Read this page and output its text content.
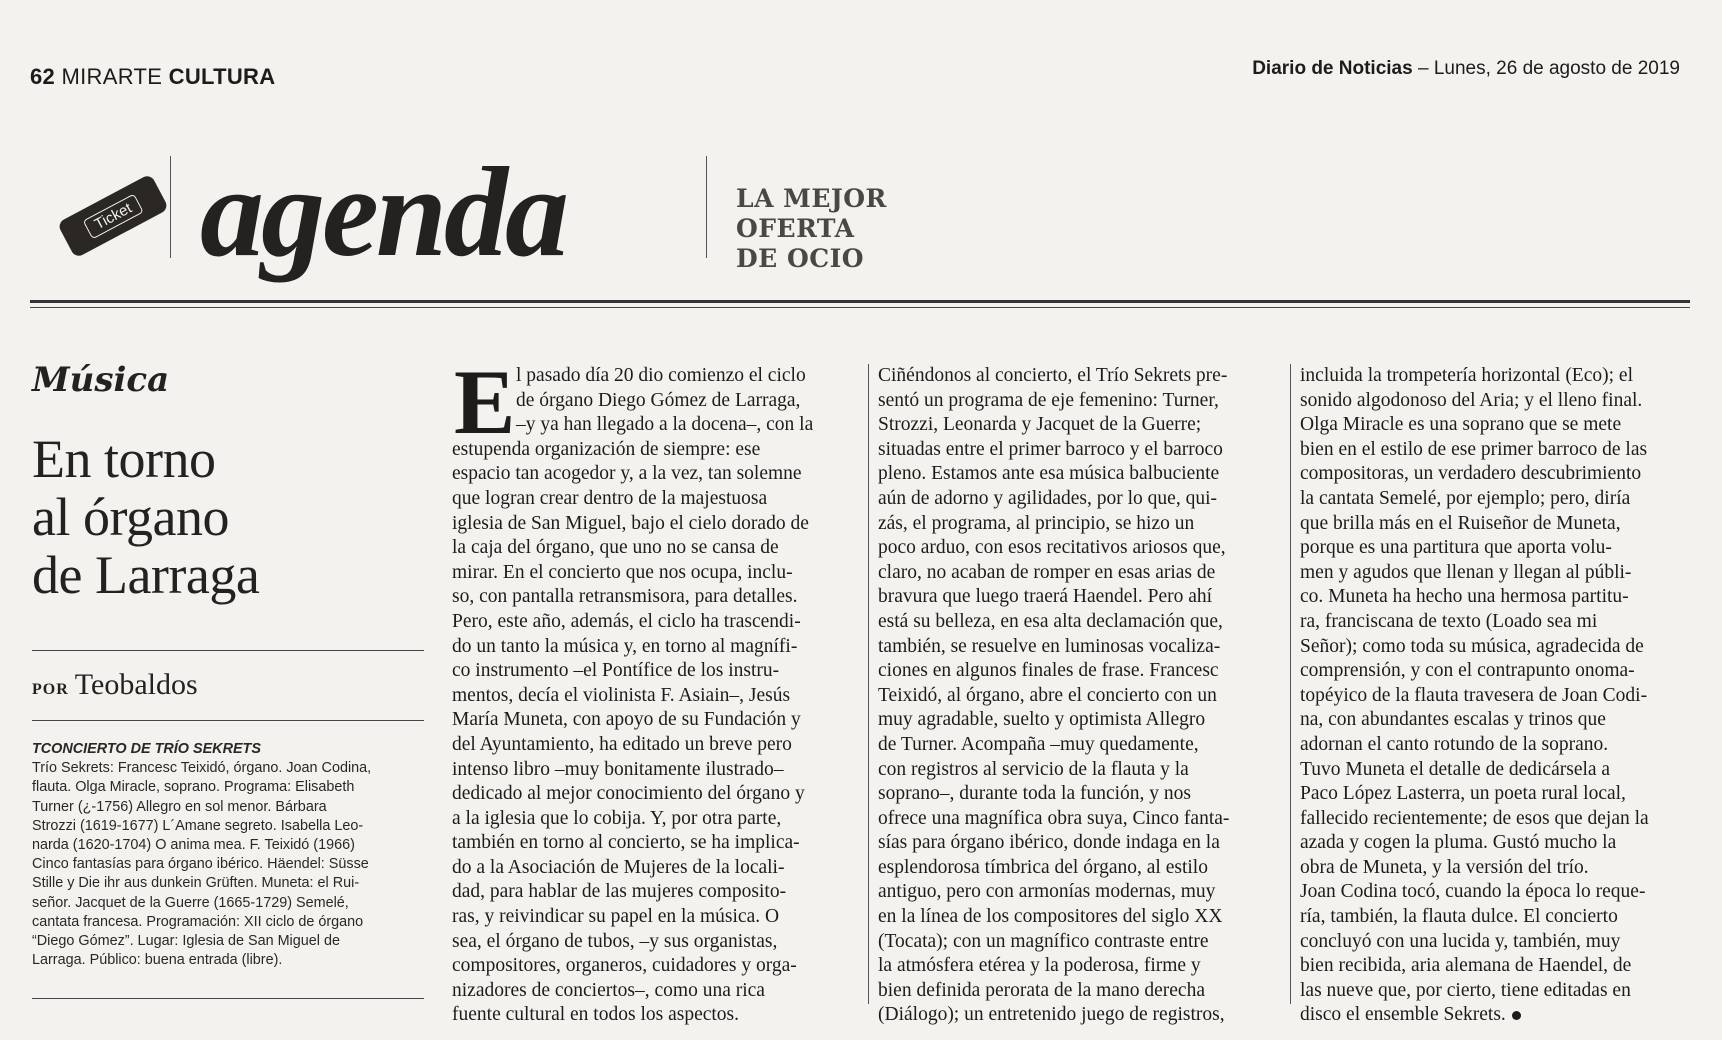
62 MIRARTE CULTURA	Diario de Noticias – Lunes, 26 de agosto de 2019
Ticket agenda	LA MEJOR
OFERTA
DE OCIO
Música
En torno
al órgano
de Larraga
POR Teobaldos
TCONCIERTO DE TRÍO SEKRETS
Trío Sekrets: Francesc Teixidó, órgano. Joan Codina,
flauta. Olga Miracle, soprano. Programa: Elisabeth
Turner (¿-1756) Allegro en sol menor. Bárbara
Strozzi (1619-1677) L´Amane segreto. Isabella Leo-
narda (1620-1704) O anima mea. F. Teixidó (1966)
Cinco fantasías para órgano ibérico. Häendel: Süsse
Stille y Die ihr aus dunkein Grüften. Muneta: el Rui-
señor. Jacquet de la Guerre (1665-1729) Semelé,
cantata francesa. Programación: XII ciclo de órgano
“Diego Gómez”. Lugar: Iglesia de San Miguel de
Larraga. Público: buena entrada (libre).
E l pasado día 20 dio comienzo el ciclo
de órgano Diego Gómez de Larraga,
–y ya han llegado a la docena–, con la
estupenda organización de siempre: ese
espacio tan acogedor y, a la vez, tan solemne
que logran crear dentro de la majestuosa
iglesia de San Miguel, bajo el cielo dorado de
la caja del órgano, que uno no se cansa de
mirar. En el concierto que nos ocupa, inclu-
so, con pantalla retransmisora, para detalles.
Pero, este año, además, el ciclo ha trascendi-
do un tanto la música y, en torno al magnífi-
co instrumento –el Pontífice de los instru-
mentos, decía el violinista F. Asiain–, Jesús
María Muneta, con apoyo de su Fundación y
del Ayuntamiento, ha editado un breve pero
intenso libro –muy bonitamente ilustrado–
dedicado al mejor conocimiento del órgano y
a la iglesia que lo cobija. Y, por otra parte,
también en torno al concierto, se ha implica-
do a la Asociación de Mujeres de la locali-
dad, para hablar de las mujeres composito-
ras, y reivindicar su papel en la música. O
sea, el órgano de tubos, –y sus organistas,
compositores, organeros, cuidadores y orga-
nizadores de conciertos–, como una rica
fuente cultural en todos los aspectos.
Ciñéndonos al concierto, el Trío Sekrets pre-
sentó un programa de eje femenino: Turner,
Strozzi, Leonarda y Jacquet de la Guerre;
situadas entre el primer barroco y el barroco
pleno. Estamos ante esa música balbuciente
aún de adorno y agilidades, por lo que, qui-
zás, el programa, al principio, se hizo un
poco arduo, con esos recitativos ariosos que,
claro, no acaban de romper en esas arias de
bravura que luego traerá Haendel. Pero ahí
está su belleza, en esa alta declamación que,
también, se resuelve en luminosas vocaliza-
ciones en algunos finales de frase. Francesc
Teixidó, al órgano, abre el concierto con un
muy agradable, suelto y optimista Allegro
de Turner. Acompaña –muy quedamente,
con registros al servicio de la flauta y la
soprano–, durante toda la función, y nos
ofrece una magnífica obra suya, Cinco fanta-
sías para órgano ibérico, donde indaga en la
esplendorosa tímbrica del órgano, al estilo
antiguo, pero con armonías modernas, muy
en la línea de los compositores del siglo XX
(Tocata); con un magnífico contraste entre
la atmósfera etérea y la poderosa, firme y
bien definida perorata de la mano derecha
(Diálogo); un entretenido juego de registros,
incluida la trompetería horizontal (Eco); el
sonido algodonoso del Aria; y el lleno final.
Olga Miracle es una soprano que se mete
bien en el estilo de ese primer barroco de las
compositoras, un verdadero descubrimiento
la cantata Semelé, por ejemplo; pero, diría
que brilla más en el Ruiseñor de Muneta,
porque es una partitura que aporta volu-
men y agudos que llenan y llegan al públi-
co. Muneta ha hecho una hermosa partitu-
ra, franciscana de texto (Loado sea mi
Señor); como toda su música, agradecida de
comprensión, y con el contrapunto onoma-
topéyico de la flauta travesera de Joan Codi-
na, con abundantes escalas y trinos que
adornan el canto rotundo de la soprano.
Tuvo Muneta el detalle de dedicársela a
Paco López Lasterra, un poeta rural local,
fallecido recientemente; de esos que dejan la
azada y cogen la pluma. Gustó mucho la
obra de Muneta, y la versión del trío.
Joan Codina tocó, cuando la época lo reque-
ría, también, la flauta dulce. El concierto
concluyó con una lucida y, también, muy
bien recibida, aria alemana de Haendel, de
las nueve que, por cierto, tiene editadas en
disco el ensemble Sekrets.
